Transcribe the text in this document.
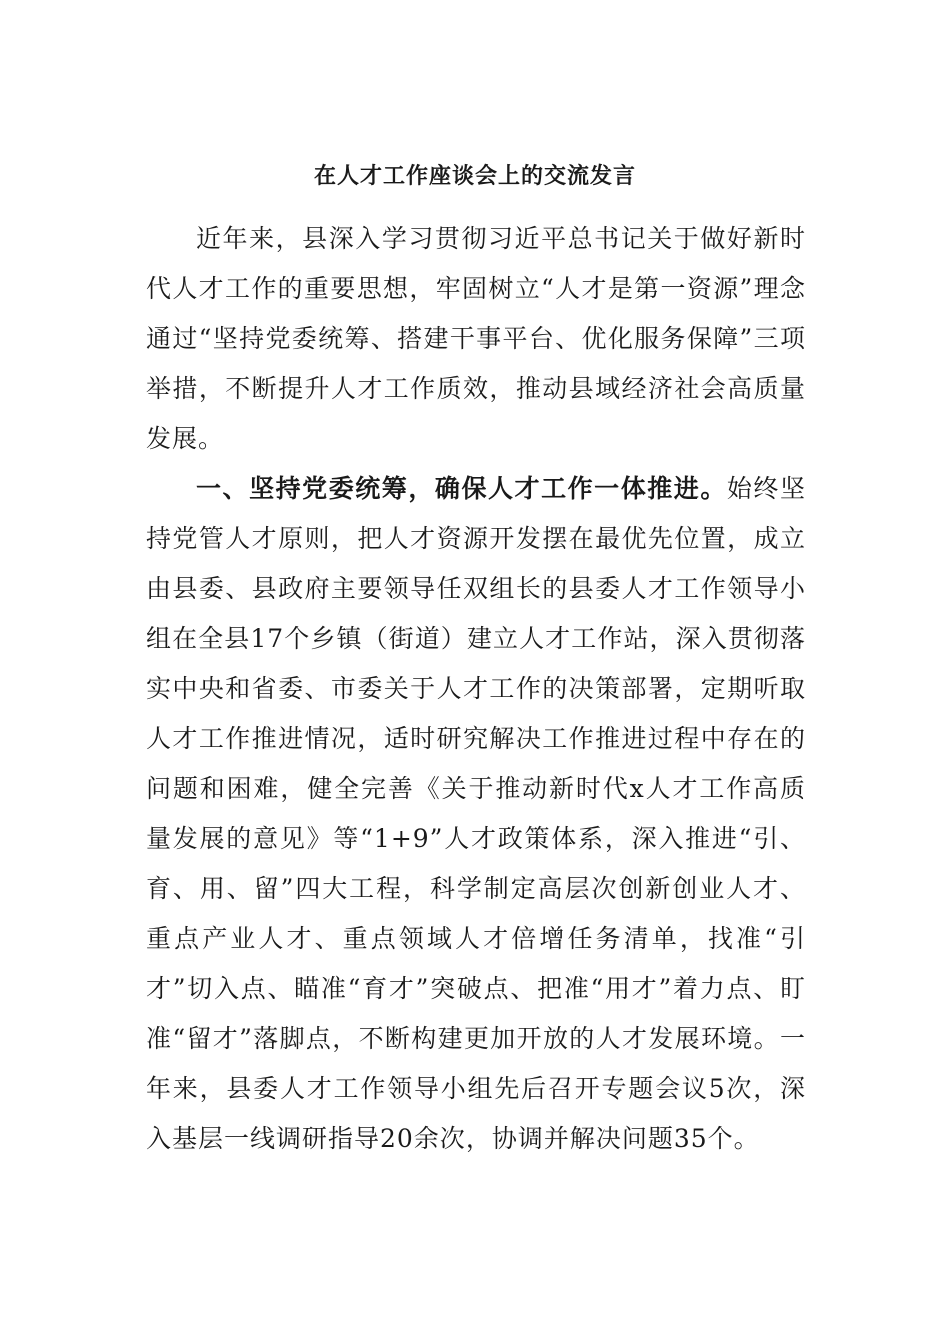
在人才工作座谈会上的交流发言

近年来，县深入学习贯彻习近平总书记关于做好新时代人才工作的重要思想，牢固树立“人才是第一资源”理念通过“坚持党委统筹、搭建干事平台、优化服务保障”三项举措，不断提升人才工作质效，推动县域经济社会高质量发展。

一、坚持党委统筹，确保人才工作一体推进。始终坚持党管人才原则，把人才资源开发摆在最优先位置，成立由县委、县政府主要领导任双组长的县委人才工作领导小组在全县17个乡镇（街道）建立人才工作站，深入贯彻落实中央和省委、市委关于人才工作的决策部署，定期听取人才工作推进情况，适时研究解决工作推进过程中存在的问题和困难，健全完善《关于推动新时代x人才工作高质量发展的意见》等“1+9”人才政策体系，深入推进“引、育、用、留”四大工程，科学制定高层次创新创业人才、重点产业人才、重点领域人才倍增任务清单，找准“引才”切入点、瞄准“育才”突破点、把准“用才”着力点、盯准“留才”落脚点，不断构建更加开放的人才发展环境。一年来，县委人才工作领导小组先后召开专题会议5次，深入基层一线调研指导20余次，协调并解决问题35个。
